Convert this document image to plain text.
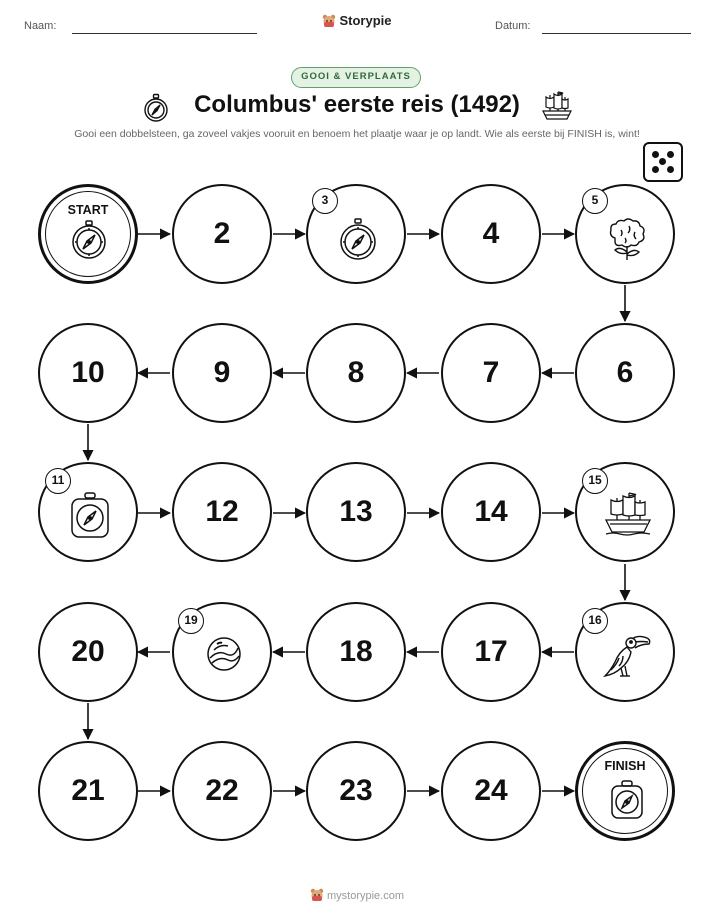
Naam:	Storypie	Datum:
GOOI & VERPLAATS
Columbus' eerste reis (1492)
Gooi een dobbelsteen, ga zoveel vakjes vooruit en benoem het plaatje waar je op landt. Wie als eerste bij FINISH is, wint!
START
2
3
4
5
10	9	8	7	6
11
12	13	14
15
20
19
18	17
16
21	22	23	24
FINISH
mystorypie.com
